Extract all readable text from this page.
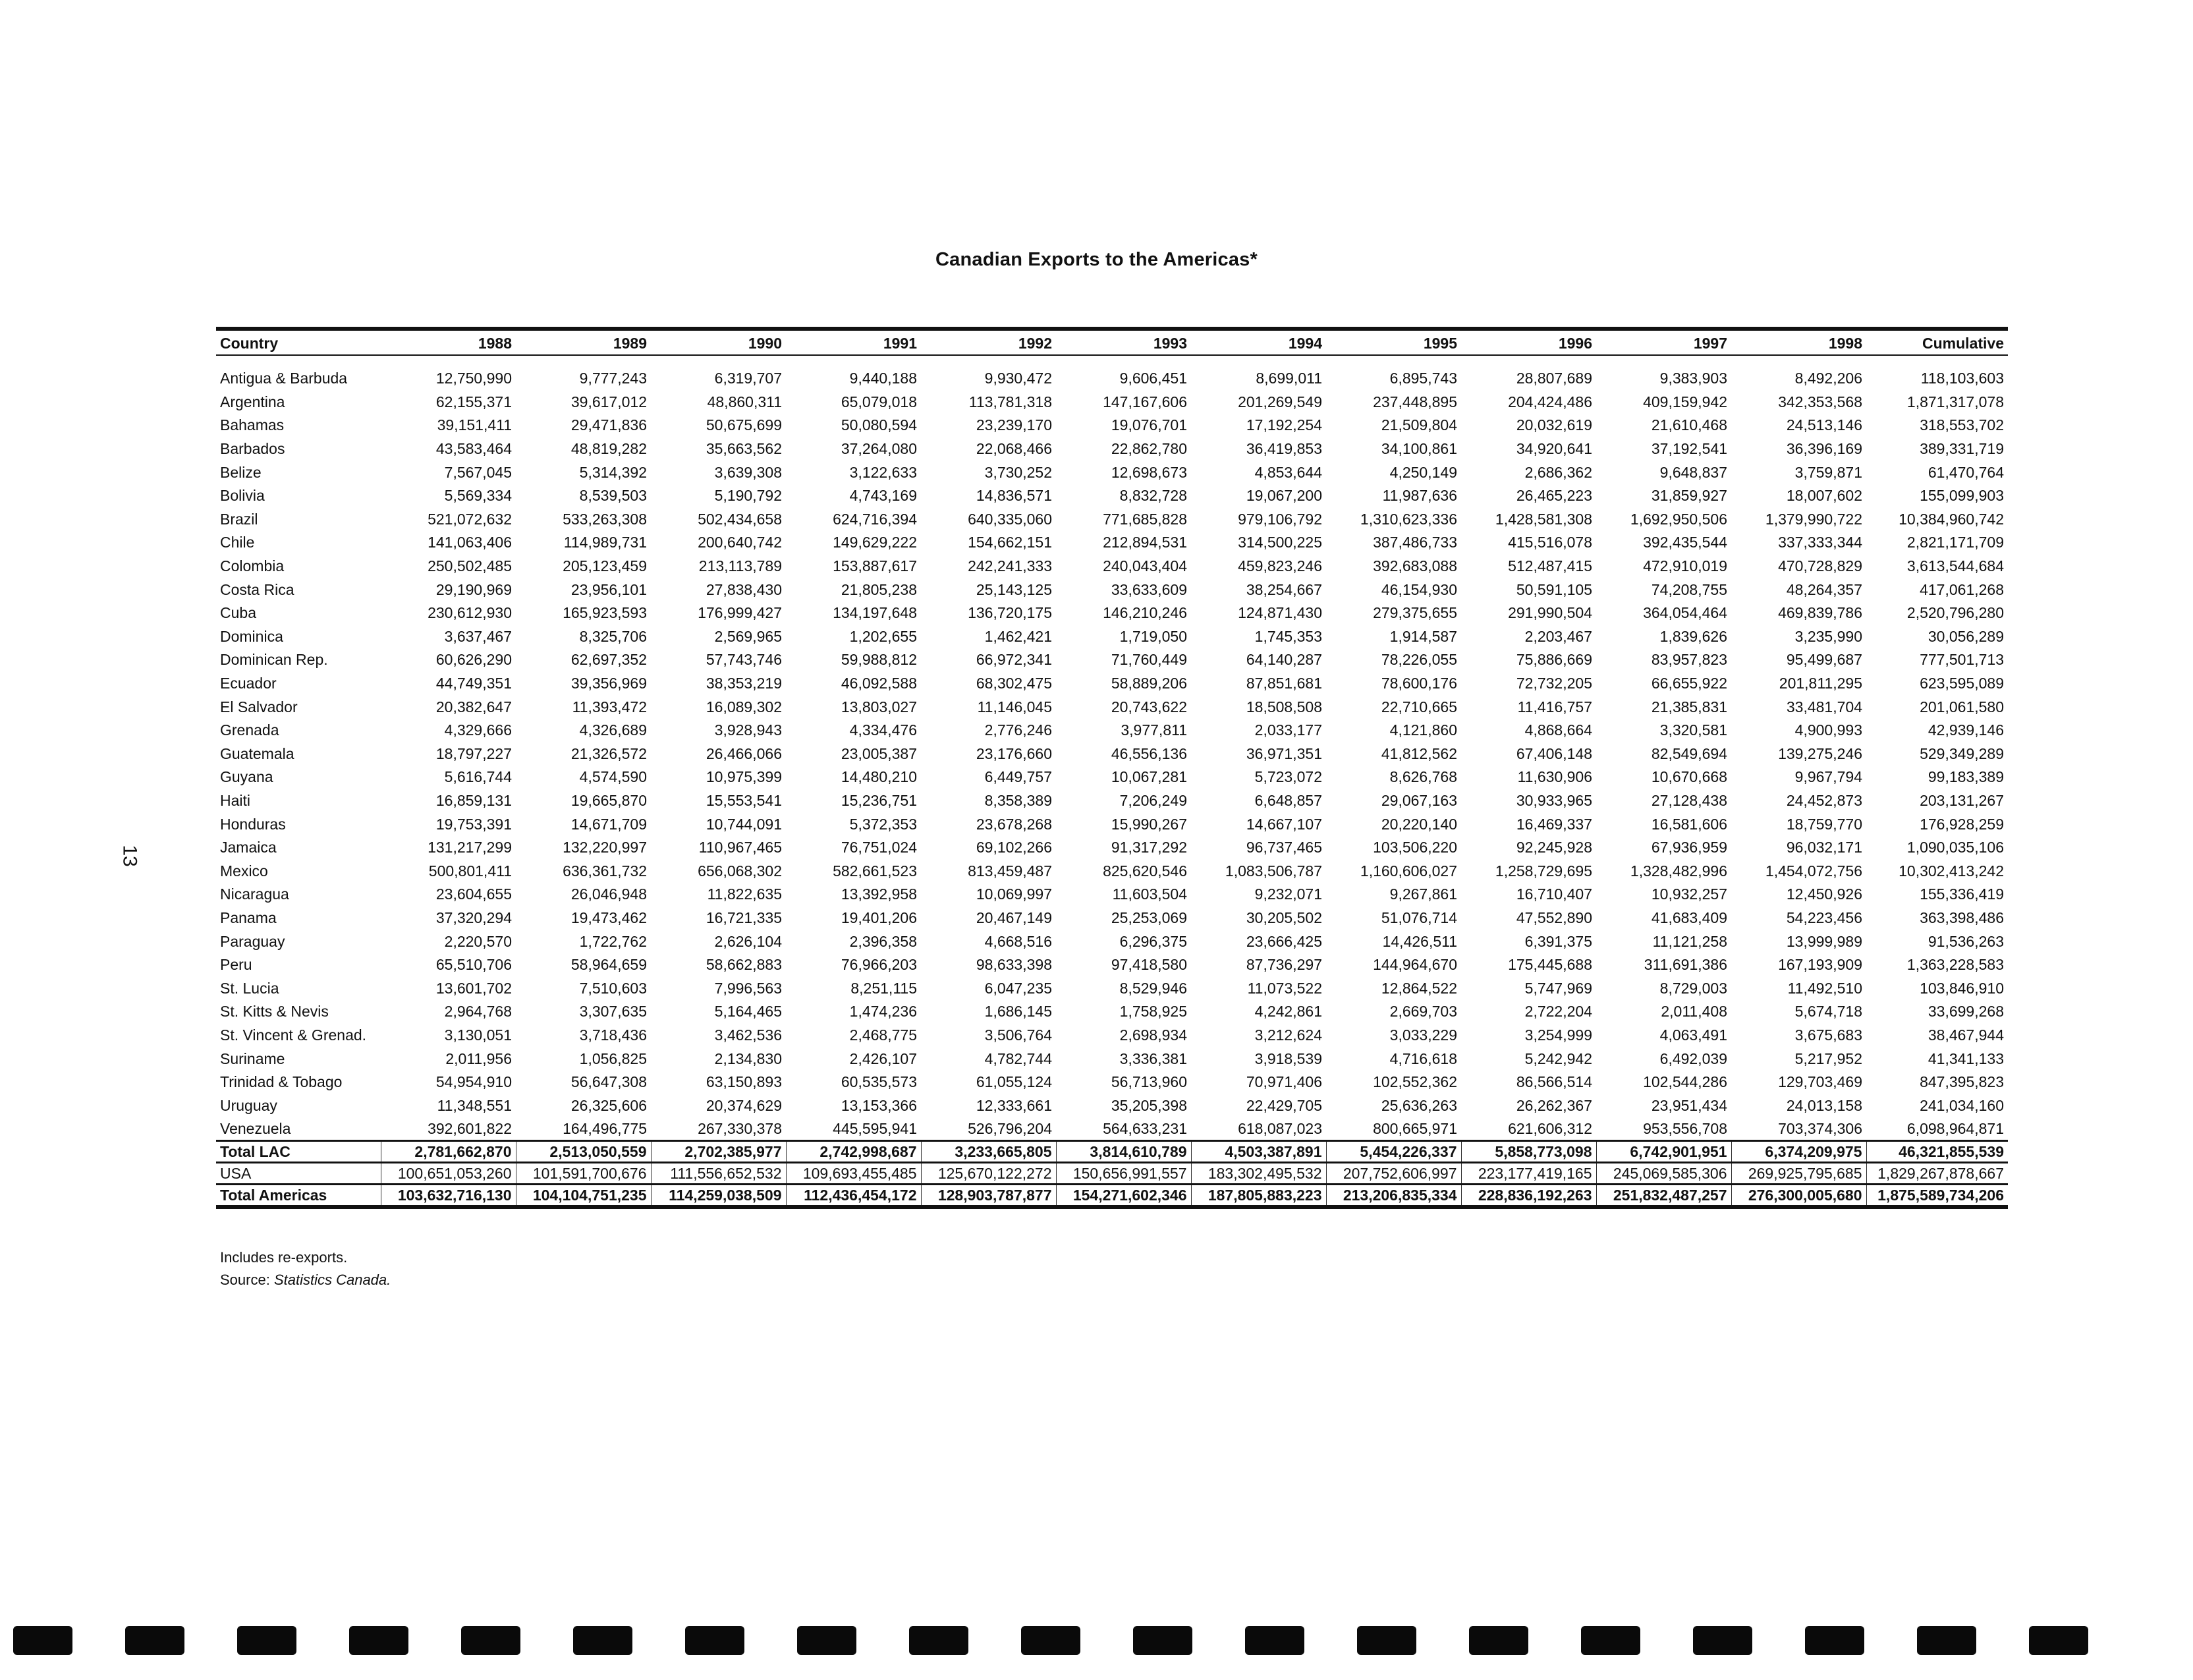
Canadian Exports to the Americas*
13
Country	1988	1989	1990	1991	1992	1993	1994	1995	1996	1997	1998	Cumulative

Antigua & Barbuda	12,750,990	9,777,243	6,319,707	9,440,188	9,930,472	9,606,451	8,699,011	6,895,743	28,807,689	9,383,903	8,492,206	118,103,603
Argentina	62,155,371	39,617,012	48,860,311	65,079,018	113,781,318	147,167,606	201,269,549	237,448,895	204,424,486	409,159,942	342,353,568	1,871,317,078
Bahamas	39,151,411	29,471,836	50,675,699	50,080,594	23,239,170	19,076,701	17,192,254	21,509,804	20,032,619	21,610,468	24,513,146	318,553,702
Barbados	43,583,464	48,819,282	35,663,562	37,264,080	22,068,466	22,862,780	36,419,853	34,100,861	34,920,641	37,192,541	36,396,169	389,331,719
Belize	7,567,045	5,314,392	3,639,308	3,122,633	3,730,252	12,698,673	4,853,644	4,250,149	2,686,362	9,648,837	3,759,871	61,470,764
Bolivia	5,569,334	8,539,503	5,190,792	4,743,169	14,836,571	8,832,728	19,067,200	11,987,636	26,465,223	31,859,927	18,007,602	155,099,903
Brazil	521,072,632	533,263,308	502,434,658	624,716,394	640,335,060	771,685,828	979,106,792	1,310,623,336	1,428,581,308	1,692,950,506	1,379,990,722	10,384,960,742
Chile	141,063,406	114,989,731	200,640,742	149,629,222	154,662,151	212,894,531	314,500,225	387,486,733	415,516,078	392,435,544	337,333,344	2,821,171,709
Colombia	250,502,485	205,123,459	213,113,789	153,887,617	242,241,333	240,043,404	459,823,246	392,683,088	512,487,415	472,910,019	470,728,829	3,613,544,684
Costa Rica	29,190,969	23,956,101	27,838,430	21,805,238	25,143,125	33,633,609	38,254,667	46,154,930	50,591,105	74,208,755	48,264,357	417,061,268
Cuba	230,612,930	165,923,593	176,999,427	134,197,648	136,720,175	146,210,246	124,871,430	279,375,655	291,990,504	364,054,464	469,839,786	2,520,796,280
Dominica	3,637,467	8,325,706	2,569,965	1,202,655	1,462,421	1,719,050	1,745,353	1,914,587	2,203,467	1,839,626	3,235,990	30,056,289
Dominican Rep.	60,626,290	62,697,352	57,743,746	59,988,812	66,972,341	71,760,449	64,140,287	78,226,055	75,886,669	83,957,823	95,499,687	777,501,713
Ecuador	44,749,351	39,356,969	38,353,219	46,092,588	68,302,475	58,889,206	87,851,681	78,600,176	72,732,205	66,655,922	201,811,295	623,595,089
El Salvador	20,382,647	11,393,472	16,089,302	13,803,027	11,146,045	20,743,622	18,508,508	22,710,665	11,416,757	21,385,831	33,481,704	201,061,580
Grenada	4,329,666	4,326,689	3,928,943	4,334,476	2,776,246	3,977,811	2,033,177	4,121,860	4,868,664	3,320,581	4,900,993	42,939,146
Guatemala	18,797,227	21,326,572	26,466,066	23,005,387	23,176,660	46,556,136	36,971,351	41,812,562	67,406,148	82,549,694	139,275,246	529,349,289
Guyana	5,616,744	4,574,590	10,975,399	14,480,210	6,449,757	10,067,281	5,723,072	8,626,768	11,630,906	10,670,668	9,967,794	99,183,389
Haiti	16,859,131	19,665,870	15,553,541	15,236,751	8,358,389	7,206,249	6,648,857	29,067,163	30,933,965	27,128,438	24,452,873	203,131,267
Honduras	19,753,391	14,671,709	10,744,091	5,372,353	23,678,268	15,990,267	14,667,107	20,220,140	16,469,337	16,581,606	18,759,770	176,928,259
Jamaica	131,217,299	132,220,997	110,967,465	76,751,024	69,102,266	91,317,292	96,737,465	103,506,220	92,245,928	67,936,959	96,032,171	1,090,035,106
Mexico	500,801,411	636,361,732	656,068,302	582,661,523	813,459,487	825,620,546	1,083,506,787	1,160,606,027	1,258,729,695	1,328,482,996	1,454,072,756	10,302,413,242
Nicaragua	23,604,655	26,046,948	11,822,635	13,392,958	10,069,997	11,603,504	9,232,071	9,267,861	16,710,407	10,932,257	12,450,926	155,336,419
Panama	37,320,294	19,473,462	16,721,335	19,401,206	20,467,149	25,253,069	30,205,502	51,076,714	47,552,890	41,683,409	54,223,456	363,398,486
Paraguay	2,220,570	1,722,762	2,626,104	2,396,358	4,668,516	6,296,375	23,666,425	14,426,511	6,391,375	11,121,258	13,999,989	91,536,263
Peru	65,510,706	58,964,659	58,662,883	76,966,203	98,633,398	97,418,580	87,736,297	144,964,670	175,445,688	311,691,386	167,193,909	1,363,228,583
St. Lucia	13,601,702	7,510,603	7,996,563	8,251,115	6,047,235	8,529,946	11,073,522	12,864,522	5,747,969	8,729,003	11,492,510	103,846,910
St. Kitts & Nevis	2,964,768	3,307,635	5,164,465	1,474,236	1,686,145	1,758,925	4,242,861	2,669,703	2,722,204	2,011,408	5,674,718	33,699,268
St. Vincent & Grenad.	3,130,051	3,718,436	3,462,536	2,468,775	3,506,764	2,698,934	3,212,624	3,033,229	3,254,999	4,063,491	3,675,683	38,467,944
Suriname	2,011,956	1,056,825	2,134,830	2,426,107	4,782,744	3,336,381	3,918,539	4,716,618	5,242,942	6,492,039	5,217,952	41,341,133
Trinidad & Tobago	54,954,910	56,647,308	63,150,893	60,535,573	61,055,124	56,713,960	70,971,406	102,552,362	86,566,514	102,544,286	129,703,469	847,395,823
Uruguay	11,348,551	26,325,606	20,374,629	13,153,366	12,333,661	35,205,398	22,429,705	25,636,263	26,262,367	23,951,434	24,013,158	241,034,160
Venezuela	392,601,822	164,496,775	267,330,378	445,595,941	526,796,204	564,633,231	618,087,023	800,665,971	621,606,312	953,556,708	703,374,306	6,098,964,871
Total LAC	2,781,662,870	2,513,050,559	2,702,385,977	2,742,998,687	3,233,665,805	3,814,610,789	4,503,387,891	5,454,226,337	5,858,773,098	6,742,901,951	6,374,209,975	46,321,855,539
USA	100,651,053,260	101,591,700,676	111,556,652,532	109,693,455,485	125,670,122,272	150,656,991,557	183,302,495,532	207,752,606,997	223,177,419,165	245,069,585,306	269,925,795,685	1,829,267,878,667
Total Americas	103,632,716,130	104,104,751,235	114,259,038,509	112,436,454,172	128,903,787,877	154,271,602,346	187,805,883,223	213,206,835,334	228,836,192,263	251,832,487,257	276,300,005,680	1,875,589,734,206
Includes re-exports.
Source: Statistics Canada.
